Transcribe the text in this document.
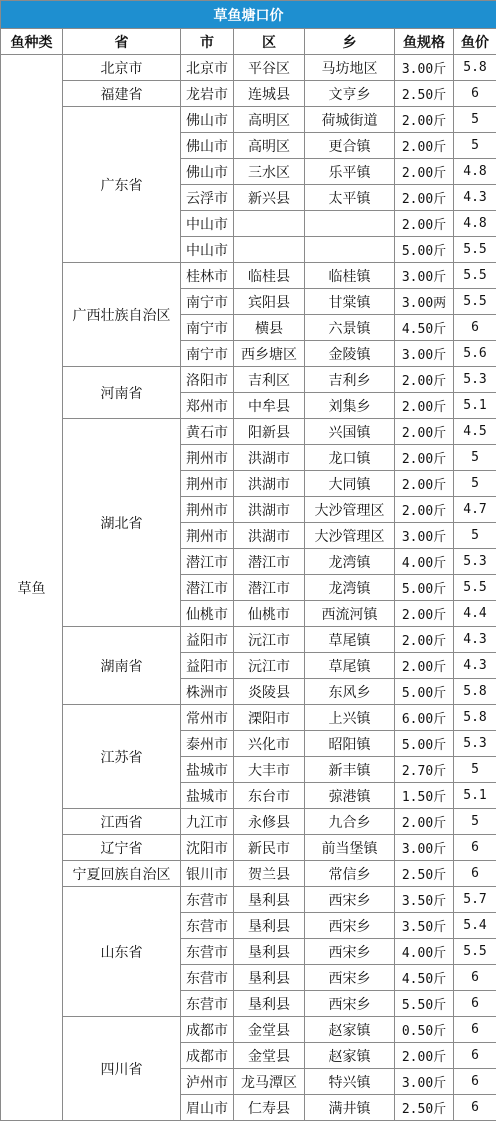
草鱼塘口价						
鱼种类	省	市	区	乡	鱼规格	鱼价
草鱼	北京市	北京市	平谷区	马坊地区	3.00斤	5.8
	福建省	龙岩市	连城县	文亨乡	2.50斤	6
	广东省	佛山市	高明区	荷城街道	2.00斤	5
		佛山市	高明区	更合镇	2.00斤	5
		佛山市	三水区	乐平镇	2.00斤	4.8
		云浮市	新兴县	太平镇	2.00斤	4.3
		中山市			2.00斤	4.8
		中山市			5.00斤	5.5
	广西壮族自治区	桂林市	临桂县	临桂镇	3.00斤	5.5
		南宁市	宾阳县	甘棠镇	3.00两	5.5
		南宁市	横县	六景镇	4.50斤	6
		南宁市	西乡塘区	金陵镇	3.00斤	5.6
	河南省	洛阳市	吉利区	吉利乡	2.00斤	5.3
		郑州市	中牟县	刘集乡	2.00斤	5.1
	湖北省	黄石市	阳新县	兴国镇	2.00斤	4.5
		荆州市	洪湖市	龙口镇	2.00斤	5
		荆州市	洪湖市	大同镇	2.00斤	5
		荆州市	洪湖市	大沙管理区	2.00斤	4.7
		荆州市	洪湖市	大沙管理区	3.00斤	5
		潜江市	潜江市	龙湾镇	4.00斤	5.3
		潜江市	潜江市	龙湾镇	5.00斤	5.5
		仙桃市	仙桃市	西流河镇	2.00斤	4.4
	湖南省	益阳市	沅江市	草尾镇	2.00斤	4.3
		益阳市	沅江市	草尾镇	2.00斤	4.3
		株洲市	炎陵县	东风乡	5.00斤	5.8
	江苏省	常州市	溧阳市	上兴镇	6.00斤	5.8
		泰州市	兴化市	昭阳镇	5.00斤	5.3
		盐城市	大丰市	新丰镇	2.70斤	5
		盐城市	东台市	弶港镇	1.50斤	5.1
	江西省	九江市	永修县	九合乡	2.00斤	5
	辽宁省	沈阳市	新民市	前当堡镇	3.00斤	6
	宁夏回族自治区	银川市	贺兰县	常信乡	2.50斤	6
	山东省	东营市	垦利县	西宋乡	3.50斤	5.7
		东营市	垦利县	西宋乡	3.50斤	5.4
		东营市	垦利县	西宋乡	4.00斤	5.5
		东营市	垦利县	西宋乡	4.50斤	6
		东营市	垦利县	西宋乡	5.50斤	6
	四川省	成都市	金堂县	赵家镇	0.50斤	6
		成都市	金堂县	赵家镇	2.00斤	6
		泸州市	龙马潭区	特兴镇	3.00斤	6
		眉山市	仁寿县	满井镇	2.50斤	6
